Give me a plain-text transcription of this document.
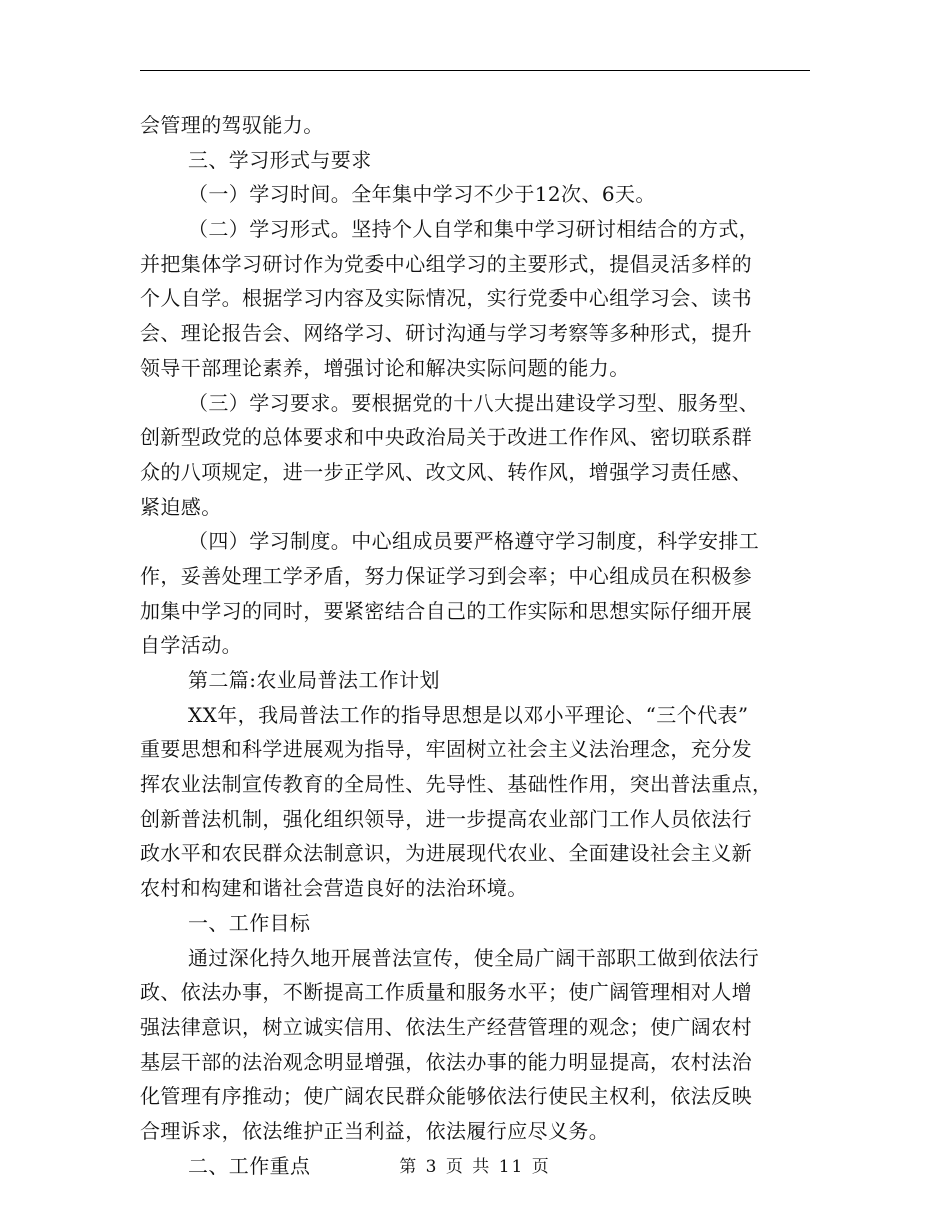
会管理的驾驭能力。
三、学习形式与要求
（一）学习时间。全年集中学习不少于12次、6天。
（二）学习形式。坚持个人自学和集中学习研讨相结合的方式，
并把集体学习研讨作为党委中心组学习的主要形式，提倡灵活多样的
个人自学。根据学习内容及实际情况，实行党委中心组学习会、读书
会、理论报告会、网络学习、研讨沟通与学习考察等多种形式，提升
领导干部理论素养，增强讨论和解决实际问题的能力。
（三）学习要求。要根据党的十八大提出建设学习型、服务型、
创新型政党的总体要求和中央政治局关于改进工作作风、密切联系群
众的八项规定，进一步正学风、改文风、转作风，增强学习责任感、
紧迫感。
（四）学习制度。中心组成员要严格遵守学习制度，科学安排工
作，妥善处理工学矛盾，努力保证学习到会率；中心组成员在积极参
加集中学习的同时，要紧密结合自己的工作实际和思想实际仔细开展
自学活动。
第二篇:农业局普法工作计划
XX年，我局普法工作的指导思想是以邓小平理论、“三个代表”
重要思想和科学进展观为指导，牢固树立社会主义法治理念，充分发
挥农业法制宣传教育的全局性、先导性、基础性作用，突出普法重点，
创新普法机制，强化组织领导，进一步提高农业部门工作人员依法行
政水平和农民群众法制意识，为进展现代农业、全面建设社会主义新
农村和构建和谐社会营造良好的法治环境。
一、工作目标
通过深化持久地开展普法宣传，使全局广阔干部职工做到依法行
政、依法办事，不断提高工作质量和服务水平；使广阔管理相对人增
强法律意识，树立诚实信用、依法生产经营管理的观念；使广阔农村
基层干部的法治观念明显增强，依法办事的能力明显提高，农村法治
化管理有序推动；使广阔农民群众能够依法行使民主权利，依法反映
合理诉求，依法维护正当利益，依法履行应尽义务。
二、工作重点	第 3 页 共 11 页
